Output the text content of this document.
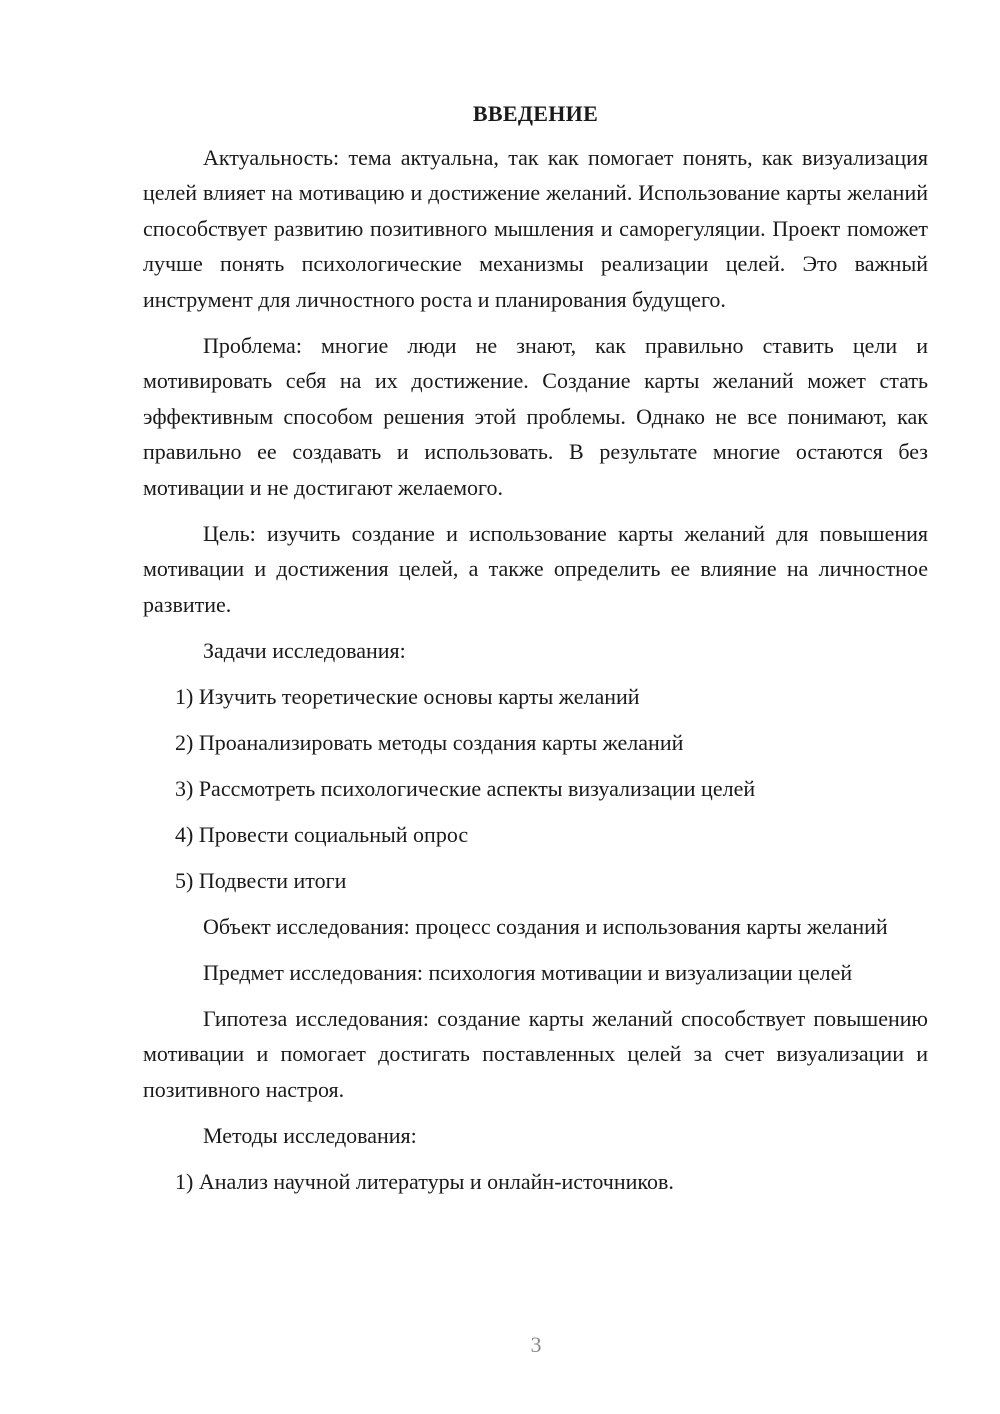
ВВЕДЕНИЕ
Актуальность: тема актуальна, так как помогает понять, как визуализация целей влияет на мотивацию и достижение желаний. Использование карты желаний способствует развитию позитивного мышления и саморегуляции. Проект поможет лучше понять психологические механизмы реализации целей. Это важный инструмент для личностного роста и планирования будущего.
Проблема: многие люди не знают, как правильно ставить цели и мотивировать себя на их достижение. Создание карты желаний может стать эффективным способом решения этой проблемы. Однако не все понимают, как правильно ее создавать и использовать. В результате многие остаются без мотивации и не достигают желаемого.
Цель: изучить создание и использование карты желаний для повышения мотивации и достижения целей, а также определить ее влияние на личностное развитие.
Задачи исследования:
1) Изучить теоретические основы карты желаний
2) Проанализировать методы создания карты желаний
3) Рассмотреть психологические аспекты визуализации целей
4) Провести социальный опрос
5) Подвести итоги
Объект исследования: процесс создания и использования карты желаний
Предмет исследования: психология мотивации и визуализации целей
Гипотеза исследования: создание карты желаний способствует повышению мотивации и помогает достигать поставленных целей за счет визуализации и позитивного настроя.
Методы исследования:
1) Анализ научной литературы и онлайн-источников.
3
